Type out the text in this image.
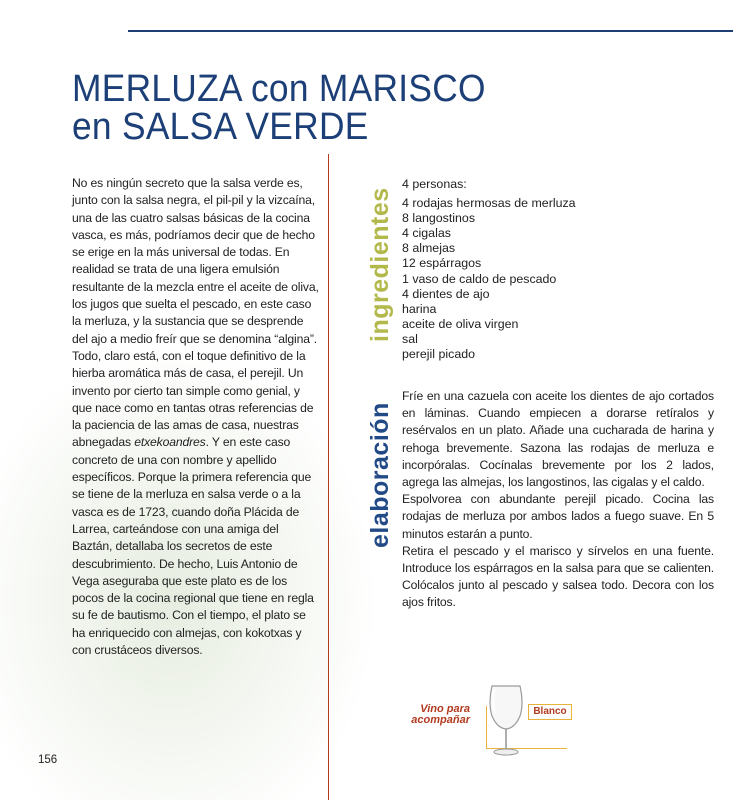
MERLUZA con MARISCO
en SALSA VERDE

No es ningún secreto que la salsa verde es, junto con la salsa negra, el pil-pil y la vizcaína, una de las cuatro salsas básicas de la cocina vasca, es más, podríamos decir que de hecho se erige en la más universal de todas. En realidad se trata de una ligera emulsión resultante de la mezcla entre el aceite de oliva, los jugos que suelta el pescado, en este caso la merluza, y la sustancia que se desprende del ajo a medio freír que se denomina “algina”. Todo, claro está, con el toque definitivo de la hierba aromática más de casa, el perejil. Un invento por cierto tan simple como genial, y que nace como en tantas otras referencias de la paciencia de las amas de casa, nuestras abnegadas etxekoandres. Y en este caso concreto de una con nombre y apellido específicos. Porque la primera referencia que se tiene de la merluza en salsa verde o a la vasca es de 1723, cuando doña Plácida de Larrea, carteándose con una amiga del Baztán, detallaba los secretos de este descubrimiento. De hecho, Luis Antonio de Vega aseguraba que este plato es de los pocos de la cocina regional que tiene en regla su fe de bautismo. Con el tiempo, el plato se ha enriquecido con almejas, con kokotxas y con crustáceos diversos.

ingredientes
4 personas:
4 rodajas hermosas de merluza
8 langostinos
4 cigalas
8 almejas
12 espárragos
1 vaso de caldo de pescado
4 dientes de ajo
harina
aceite de oliva virgen
sal
perejil picado
elaboración

Fríe en una cazuela con aceite los dientes de ajo cortados en láminas. Cuando empiecen a dorarse retíralos y resérvalos en un plato. Añade una cucharada de harina y rehoga brevemente. Sazona las rodajas de merluza e incorpóralas. Cocínalas brevemente por los 2 lados, agrega las almejas, los langostinos, las cigalas y el caldo.

Espolvorea con abundante perejil picado. Cocina las rodajas de merluza por ambos lados a fuego suave. En 5 minutos estarán a punto.

Retira el pescado y el marisco y sírvelos en una fuente. Introduce los espárragos en la salsa para que se calienten. Colócalos junto al pescado y salsea todo. Decora con los ajos fritos.

Vino para
acompañar
Blanco
156
